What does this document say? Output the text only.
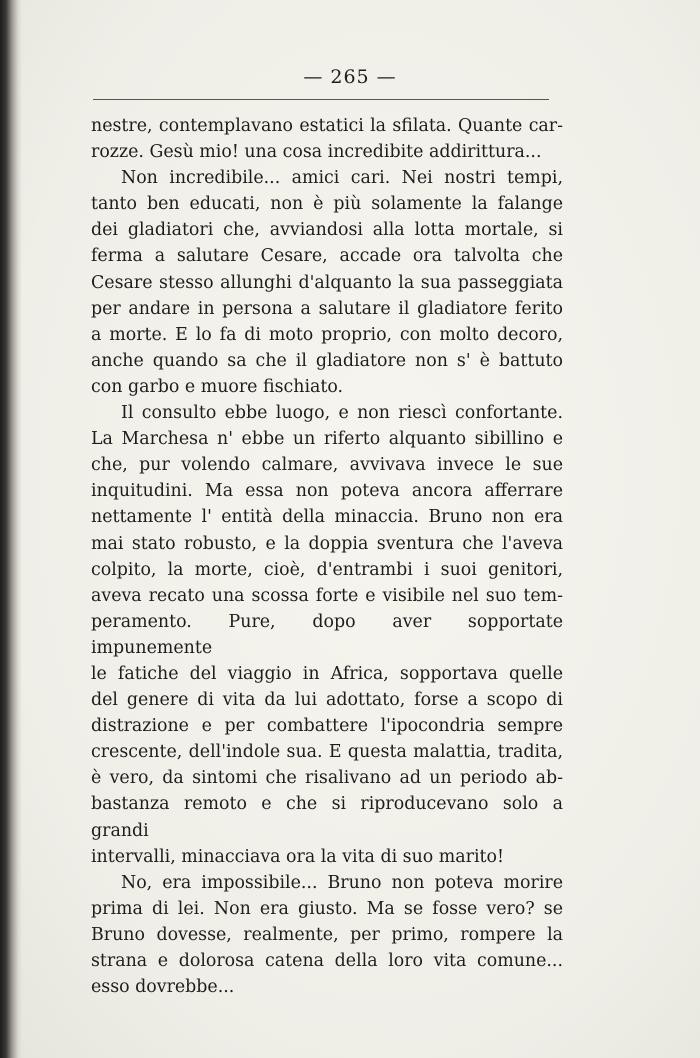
— 265 —

nestre, contemplavano estatici la sfilata. Quante car-

rozze. Gesù mio! una cosa incredibite addirittura...

Non incredibile... amici cari. Nei nostri tempi,

tanto ben educati, non è più solamente la falange

dei gladiatori che, avviandosi alla lotta mortale, si

ferma a salutare Cesare, accade ora talvolta che

Cesare stesso allunghi d'alquanto la sua passeggiata

per andare in persona a salutare il gladiatore ferito

a morte. E lo fa di moto proprio, con molto decoro,

anche quando sa che il gladiatore non s' è battuto

con garbo e muore fischiato.

Il consulto ebbe luogo, e non riescì confortante.

La Marchesa n' ebbe un riferto alquanto sibillino e

che, pur volendo calmare, avvivava invece le sue

inquitudini. Ma essa non poteva ancora afferrare

nettamente l' entità della minaccia. Bruno non era

mai stato robusto, e la doppia sventura che l'aveva

colpito, la morte, cioè, d'entrambi i suoi genitori,

aveva recato una scossa forte e visibile nel suo tem-

peramento. Pure, dopo aver sopportate impunemente

le fatiche del viaggio in Africa, sopportava quelle

del genere di vita da lui adottato, forse a scopo di

distrazione e per combattere l'ipocondria sempre

crescente, dell'indole sua. E questa malattia, tradita,

è vero, da sintomi che risalivano ad un periodo ab-

bastanza remoto e che si riproducevano solo a grandi

intervalli, minacciava ora la vita di suo marito!

No, era impossibile... Bruno non poteva morire

prima di lei. Non era giusto. Ma se fosse vero? se

Bruno dovesse, realmente, per primo, rompere la

strana e dolorosa catena della loro vita comune...

esso dovrebbe...
